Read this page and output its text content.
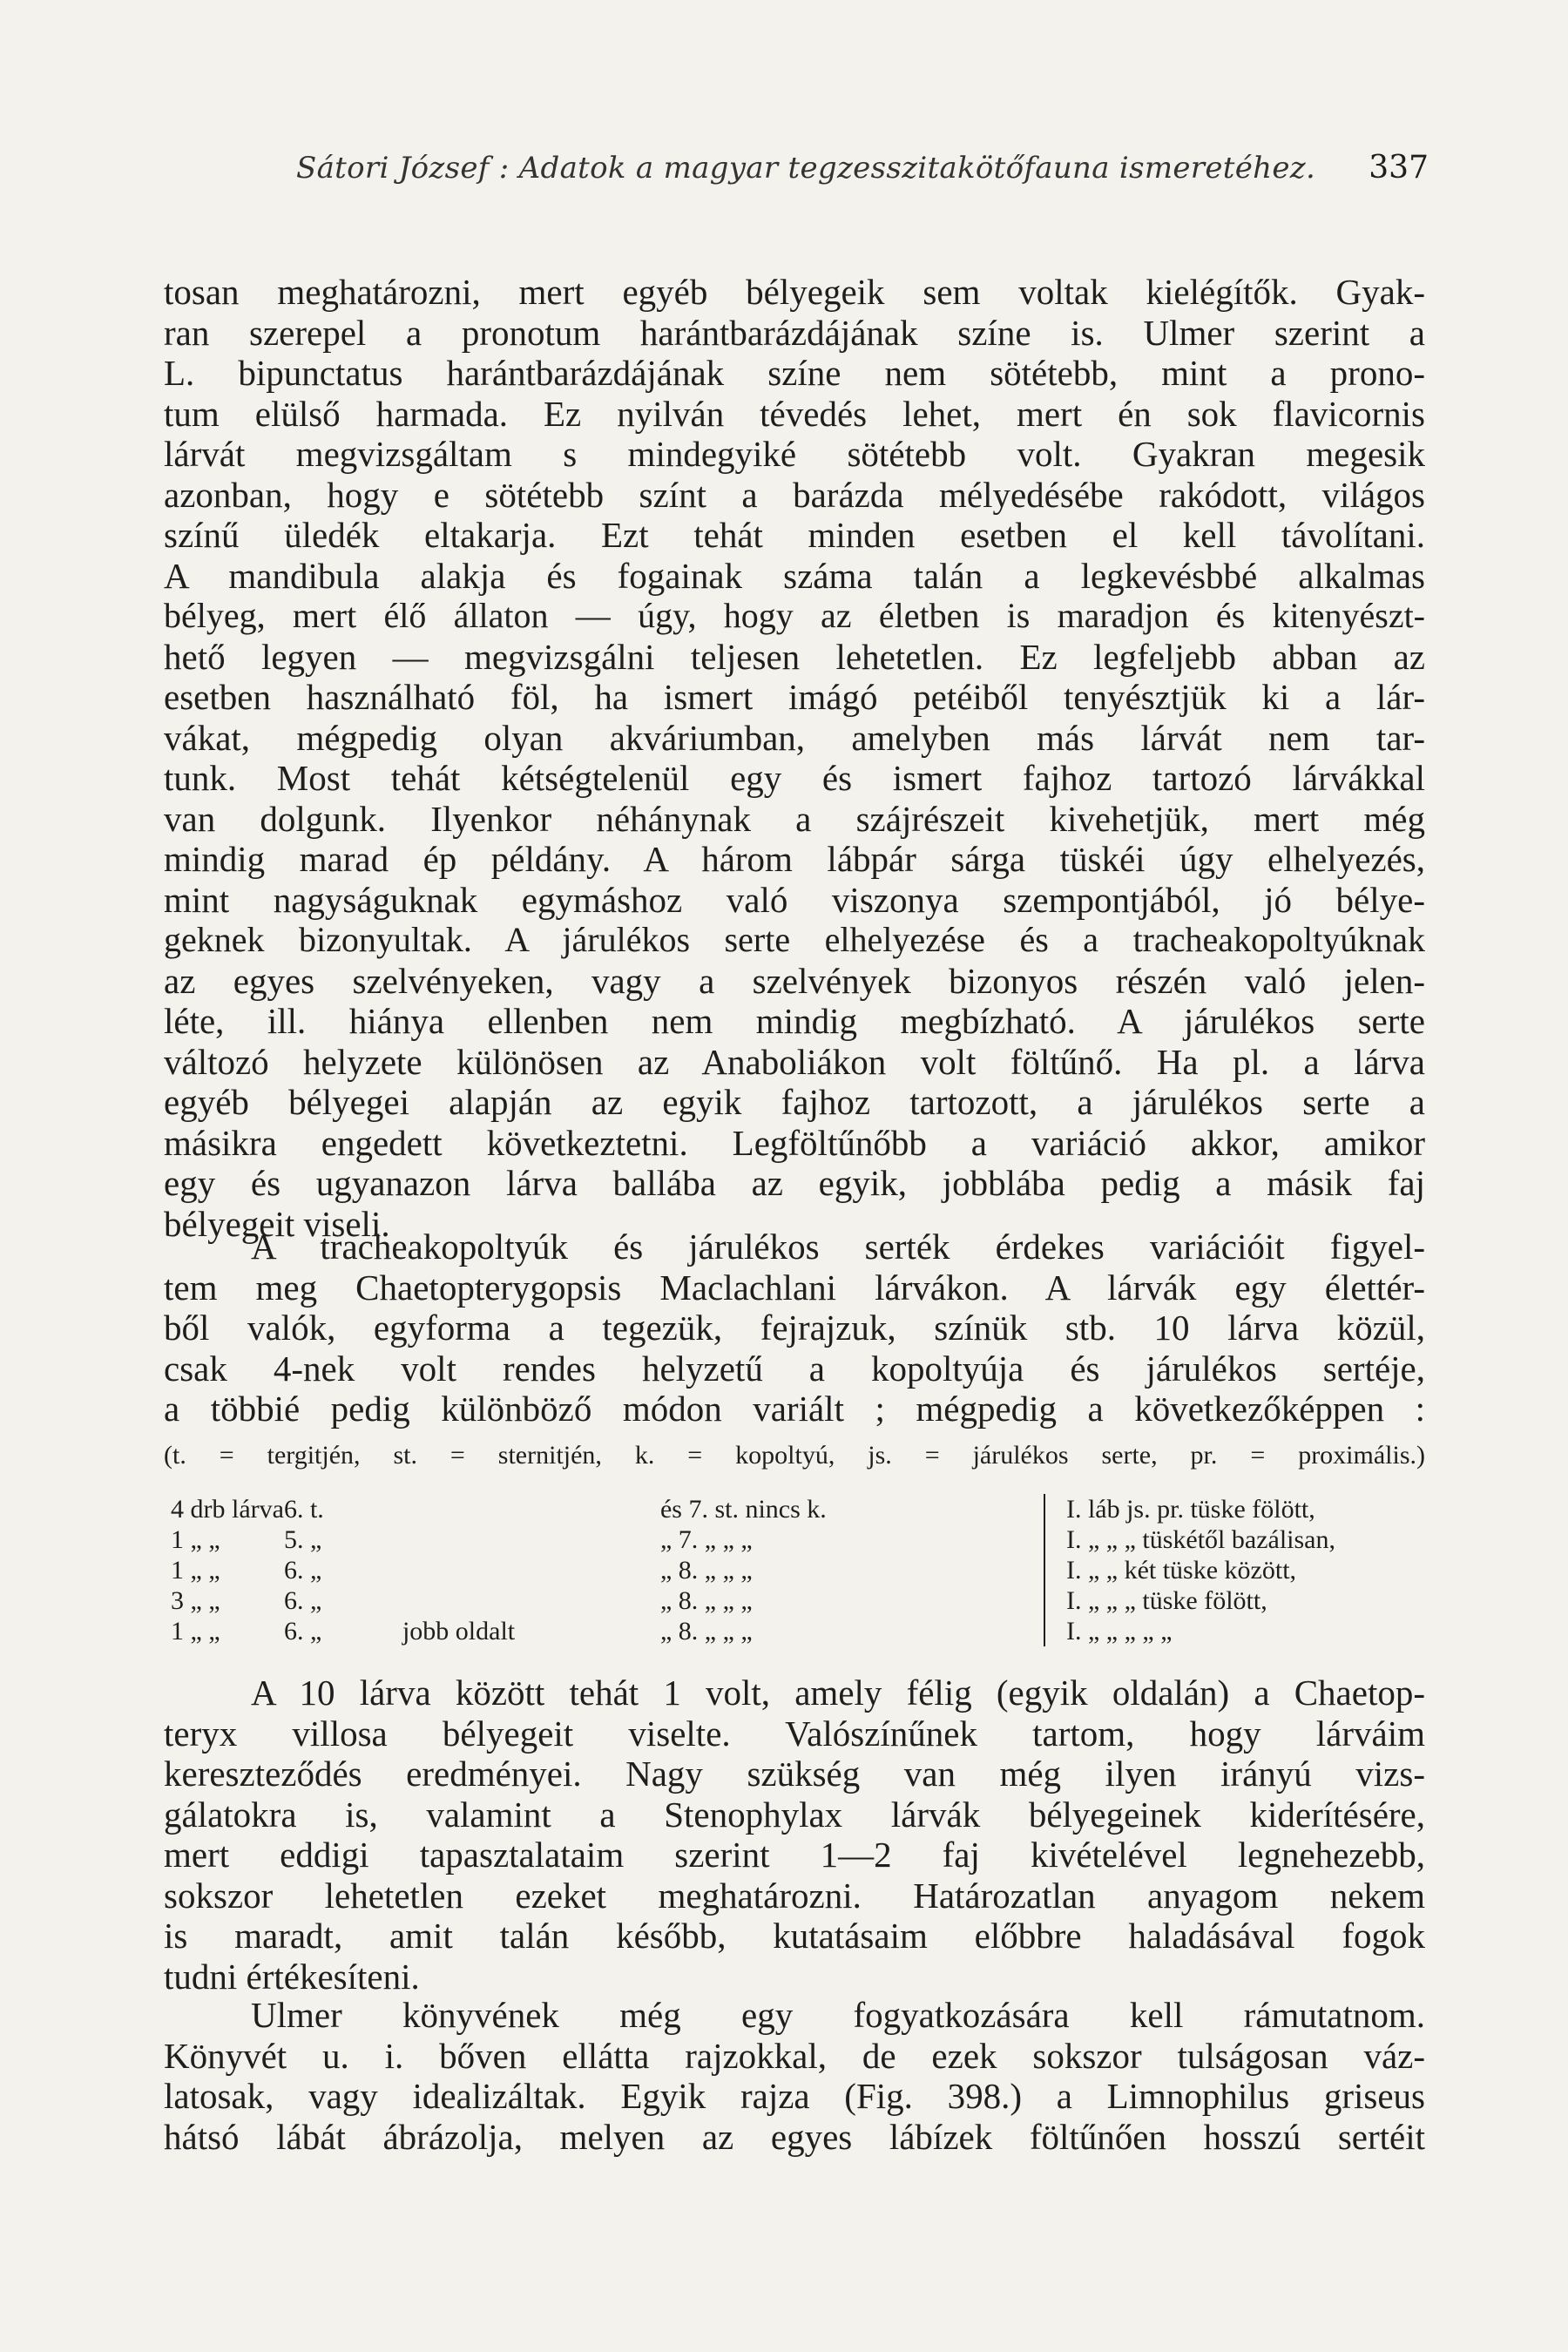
Sátori József : Adatok a magyar tegzesszitakötőfauna ismeretéhez. 337
tosan meghatározni, mert egyéb bélyegeik sem voltak kielégítők. Gyak-
ran szerepel a pronotum harántbarázdájának színe is. Ulmer szerint a
L. bipunctatus harántbarázdájának színe nem sötétebb, mint a prono-
tum elülső harmada. Ez nyilván tévedés lehet, mert én sok flavicornis
lárvát megvizsgáltam s mindegyiké sötétebb volt. Gyakran megesik
azonban, hogy e sötétebb színt a barázda mélyedésébe rakódott, világos
színű üledék eltakarja. Ezt tehát minden esetben el kell távolítani.
A mandibula alakja és fogainak száma talán a legkevésbbé alkalmas
bélyeg, mert élő állaton — úgy, hogy az életben is maradjon és kitenyészt-
hető legyen — megvizsgálni teljesen lehetetlen. Ez legfeljebb abban az
esetben használható föl, ha ismert imágó petéiből tenyésztjük ki a lár-
vákat, mégpedig olyan akváriumban, amelyben más lárvát nem tar-
tunk. Most tehát kétségtelenül egy és ismert fajhoz tartozó lárvákkal
van dolgunk. Ilyenkor néhánynak a szájrészeit kivehetjük, mert még
mindig marad ép példány. A három lábpár sárga tüskéi úgy elhelyezés,
mint nagyságuknak egymáshoz való viszonya szempontjából, jó bélye-
geknek bizonyultak. A járulékos serte elhelyezése és a tracheakopoltyúknak
az egyes szelvényeken, vagy a szelvények bizonyos részén való jelen-
léte, ill. hiánya ellenben nem mindig megbízható. A járulékos serte
változó helyzete különösen az Anaboliákon volt föltűnő. Ha pl. a lárva
egyéb bélyegei alapján az egyik fajhoz tartozott, a járulékos serte a
másikra engedett következtetni. Legföltűnőbb a variáció akkor, amikor
egy és ugyanazon lárva ballába az egyik, jobblába pedig a másik faj
bélyegeit viseli.
A tracheakopoltyúk és járulékos serték érdekes variációit figyel-
tem meg Chaetopterygopsis Maclachlani lárvákon. A lárvák egy élettér-
ből valók, egyforma a tegezük, fejrajzuk, színük stb. 10 lárva közül,
csak 4-nek volt rendes helyzetű a kopoltyúja és járulékos sertéje,
a többié pedig különböző módon variált ; mégpedig a következőképpen :
(t. = tergitjén, st. = sternitjén, k. = kopoltyú, js. = járulékos serte, pr. = proximális.)
4 drb lárva	6. t.		és 7. st. nincs k.	I. láb js. pr. tüske fölött,
1 „ „	5. „		„ 7. „ „ „	I. „ „ „ tüskétől bazálisan,
1 „ „	6. „		„ 8. „ „ „	I. „ „ két tüske között,
3 „ „	6. „		„ 8. „ „ „	I. „ „ „ tüske fölött,
1 „ „	6. „	jobb oldalt	„ 8. „ „ „	I. „ „ „ „ „
A 10 lárva között tehát 1 volt, amely félig (egyik oldalán) a Chaetop-
teryx villosa bélyegeit viselte. Valószínűnek tartom, hogy lárváim
kereszteződés eredményei. Nagy szükség van még ilyen irányú vizs-
gálatokra is, valamint a Stenophylax lárvák bélyegeinek kiderítésére,
mert eddigi tapasztalataim szerint 1—2 faj kivételével legnehezebb,
sokszor lehetetlen ezeket meghatározni. Határozatlan anyagom nekem
is maradt, amit talán később, kutatásaim előbbre haladásával fogok
tudni értékesíteni.
Ulmer könyvének még egy fogyatkozására kell rámutatnom.
Könyvét u. i. bőven ellátta rajzokkal, de ezek sokszor tulságosan váz-
latosak, vagy idealizáltak. Egyik rajza (Fig. 398.) a Limnophilus griseus
hátsó lábát ábrázolja, melyen az egyes lábízek föltűnően hosszú sertéit
